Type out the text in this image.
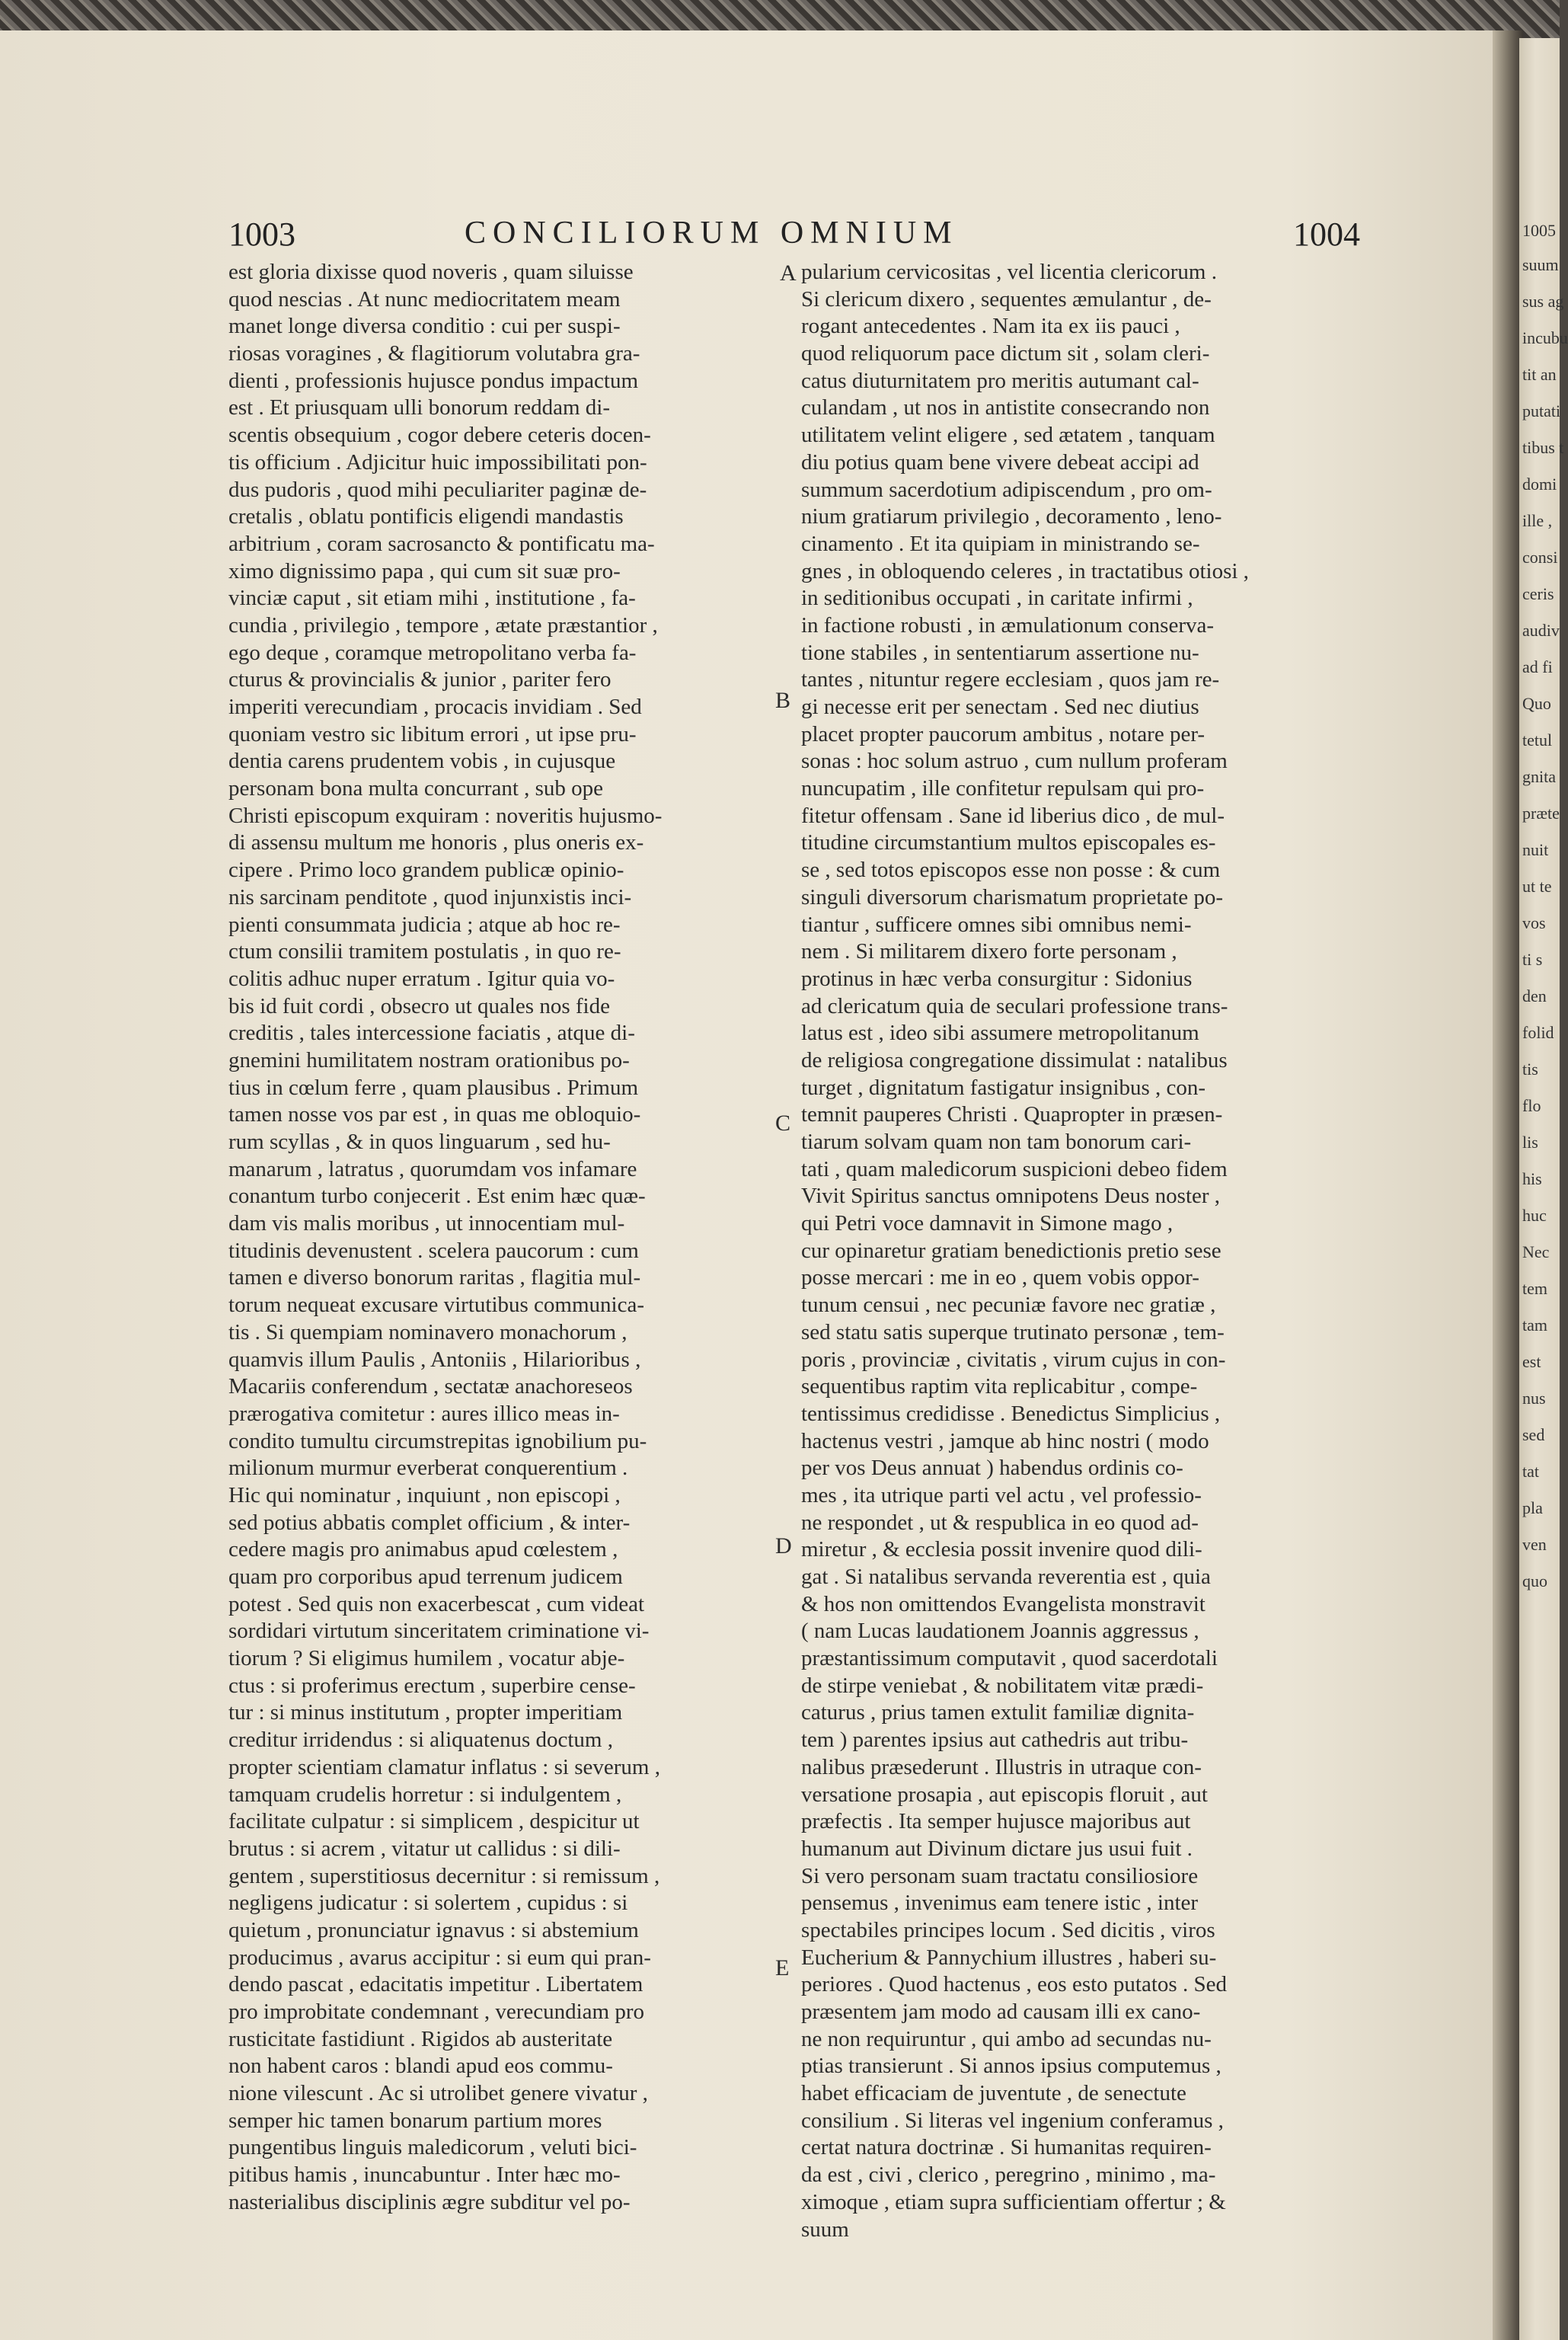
1005
suum
sus ag
incubu
tit an
putati
tibus t
domi
ille ,
consi
ceris
audiv
ad fi
Quo
tetul
gnita
præte
nuit
ut te
vos
ti s
den
folid
tis
flo
lis
his
huc
Nec
tem
tam
est
nus
sed
tat
pla
ven
quo
1003	CONCILIORUM OMNIUM	1004
est gloria dixisse quod noveris , quam siluisse
quod nescias . At nunc mediocritatem meam
manet longe diversa conditio : cui per suspi-
riosas voragines , & flagitiorum volutabra gra-
dienti , professionis hujusce pondus impactum
est . Et priusquam ulli bonorum reddam di-
scentis obsequium , cogor debere ceteris docen-
tis officium . Adjicitur huic impossibilitati pon-
dus pudoris , quod mihi peculiariter paginæ de-
cretalis , oblatu pontificis eligendi mandastis
arbitrium , coram sacrosancto & pontificatu ma-
ximo dignissimo papa , qui cum sit suæ pro-
vinciæ caput , sit etiam mihi , institutione , fa-
cundia , privilegio , tempore , ætate præstantior ,
ego deque , coramque metropolitano verba fa-
cturus & provincialis & junior , pariter fero
imperiti verecundiam , procacis invidiam . Sed
quoniam vestro sic libitum errori , ut ipse pru-
dentia carens prudentem vobis , in cujusque
personam bona multa concurrant , sub ope
Christi episcopum exquiram : noveritis hujusmo-
di assensu multum me honoris , plus oneris ex-
cipere . Primo loco grandem publicæ opinio-
nis sarcinam penditote , quod injunxistis inci-
pienti consummata judicia ; atque ab hoc re-
ctum consilii tramitem postulatis , in quo re-
colitis adhuc nuper erratum . Igitur quia vo-
bis id fuit cordi , obsecro ut quales nos fide
creditis , tales intercessione faciatis , atque di-
gnemini humilitatem nostram orationibus po-
tius in cœlum ferre , quam plausibus . Primum
tamen nosse vos par est , in quas me obloquio-
rum scyllas , & in quos linguarum , sed hu-
manarum , latratus , quorumdam vos infamare
conantum turbo conjecerit . Est enim hæc quæ-
dam vis malis moribus , ut innocentiam mul-
titudinis devenustent . scelera paucorum : cum
tamen e diverso bonorum raritas , flagitia mul-
torum nequeat excusare virtutibus communica-
tis . Si quempiam nominavero monachorum ,
quamvis illum Paulis , Antoniis , Hilarioribus ,
Macariis conferendum , sectatæ anachoreseos
prærogativa comitetur : aures illico meas in-
condito tumultu circumstrepitas ignobilium pu-
milionum murmur everberat conquerentium .
Hic qui nominatur , inquiunt , non episcopi ,
sed potius abbatis complet officium , & inter-
cedere magis pro animabus apud cœlestem ,
quam pro corporibus apud terrenum judicem
potest . Sed quis non exacerbescat , cum videat
sordidari virtutum sinceritatem criminatione vi-
tiorum ? Si eligimus humilem , vocatur abje-
ctus : si proferimus erectum , superbire cense-
tur : si minus institutum , propter imperitiam
creditur irridendus : si aliquatenus doctum ,
propter scientiam clamatur inflatus : si severum ,
tamquam crudelis horretur : si indulgentem ,
facilitate culpatur : si simplicem , despicitur ut
brutus : si acrem , vitatur ut callidus : si dili-
gentem , superstitiosus decernitur : si remissum ,
negligens judicatur : si solertem , cupidus : si
quietum , pronunciatur ignavus : si abstemium
producimus , avarus accipitur : si eum qui pran-
dendo pascat , edacitatis impetitur . Libertatem
pro improbitate condemnant , verecundiam pro
rusticitate fastidiunt . Rigidos ab austeritate
non habent caros : blandi apud eos commu-
nione vilescunt . Ac si utrolibet genere vivatur ,
semper hic tamen bonarum partium mores
pungentibus linguis maledicorum , veluti bici-
pitibus hamis , inuncabuntur . Inter hæc mo-
nasterialibus disciplinis ægre subditur vel po-
pularium cervicositas , vel licentia clericorum .
Si clericum dixero , sequentes æmulantur , de-
rogant antecedentes . Nam ita ex iis pauci ,
quod reliquorum pace dictum sit , solam cleri-
catus diuturnitatem pro meritis autumant cal-
culandam , ut nos in antistite consecrando non
utilitatem velint eligere , sed ætatem , tanquam
diu potius quam bene vivere debeat accipi ad
summum sacerdotium adipiscendum , pro om-
nium gratiarum privilegio , decoramento , leno-
cinamento . Et ita quipiam in ministrando se-
gnes , in obloquendo celeres , in tractatibus otiosi ,
in seditionibus occupati , in caritate infirmi ,
in factione robusti , in æmulationum conserva-
tione stabiles , in sententiarum assertione nu-
tantes , nituntur regere ecclesiam , quos jam re-
gi necesse erit per senectam . Sed nec diutius
placet propter paucorum ambitus , notare per-
sonas : hoc solum astruo , cum nullum proferam
nuncupatim , ille confitetur repulsam qui pro-
fitetur offensam . Sane id liberius dico , de mul-
titudine circumstantium multos episcopales es-
se , sed totos episcopos esse non posse : & cum
singuli diversorum charismatum proprietate po-
tiantur , sufficere omnes sibi omnibus nemi-
nem . Si militarem dixero forte personam ,
protinus in hæc verba consurgitur : Sidonius
ad clericatum quia de seculari professione trans-
latus est , ideo sibi assumere metropolitanum
de religiosa congregatione dissimulat : natalibus
turget , dignitatum fastigatur insignibus , con-
temnit pauperes Christi . Quapropter in præsen-
tiarum solvam quam non tam bonorum cari-
tati , quam maledicorum suspicioni debeo fidem
Vivit Spiritus sanctus omnipotens Deus noster ,
qui Petri voce damnavit in Simone mago ,
cur opinaretur gratiam benedictionis pretio sese
posse mercari : me in eo , quem vobis oppor-
tunum censui , nec pecuniæ favore nec gratiæ ,
sed statu satis superque trutinato personæ , tem-
poris , provinciæ , civitatis , virum cujus in con-
sequentibus raptim vita replicabitur , compe-
tentissimus credidisse . Benedictus Simplicius ,
hactenus vestri , jamque ab hinc nostri ( modo
per vos Deus annuat ) habendus ordinis co-
mes , ita utrique parti vel actu , vel professio-
ne respondet , ut & respublica in eo quod ad-
miretur , & ecclesia possit invenire quod dili-
gat . Si natalibus servanda reverentia est , quia
& hos non omittendos Evangelista monstravit
( nam Lucas laudationem Joannis aggressus ,
præstantissimum computavit , quod sacerdotali
de stirpe veniebat , & nobilitatem vitæ prædi-
caturus , prius tamen extulit familiæ dignita-
tem ) parentes ipsius aut cathedris aut tribu-
nalibus præsederunt . Illustris in utraque con-
versatione prosapia , aut episcopis floruit , aut
præfectis . Ita semper hujusce majoribus aut
humanum aut Divinum dictare jus usui fuit .
Si vero personam suam tractatu consiliosiore
pensemus , invenimus eam tenere istic , inter
spectabiles principes locum . Sed dicitis , viros
Eucherium & Pannychium illustres , haberi su-
periores . Quod hactenus , eos esto putatos . Sed
præsentem jam modo ad causam illi ex cano-
ne non requiruntur , qui ambo ad secundas nu-
ptias transierunt . Si annos ipsius computemus ,
habet efficaciam de juventute , de senectute
consilium . Si literas vel ingenium conferamus ,
certat natura doctrinæ . Si humanitas requiren-
da est , civi , clerico , peregrino , minimo , ma-
ximoque , etiam supra sufficientiam offertur ; &
suum
A
B
C
D
E
